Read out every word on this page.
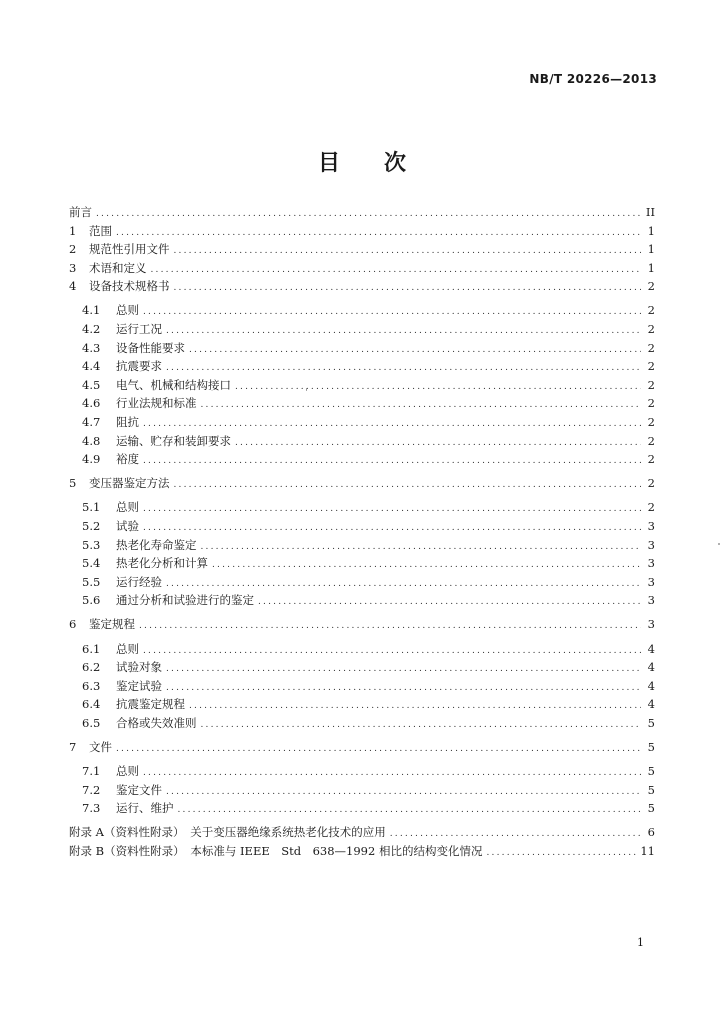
NB/T 20226—2013
目　　次
前言 .....	II
1	范围 .....	1
2	规范性引用文件 .....	1
3	术语和定义 .....	1
4	设备技术规格书 .....	2
4.1	总则 .....	2
4.2	运行工况 .....	2
4.3	设备性能要求 .....	2
4.4	抗震要求 .....	2
4.5	电气、机械和结构接口 .....	2
4.6	行业法规和标准 .....	2
4.7	阻抗 .....	2
4.8	运输、贮存和装卸要求 .....	2
4.9	裕度 .....	2
5	变压器鉴定方法 .....	2
5.1	总则 .....	2
5.2	试验 .....	3
5.3	热老化寿命鉴定 .....	3
5.4	热老化分析和计算 .....	3
5.5	运行经验 .....	3
5.6	通过分析和试验进行的鉴定 .....	3
6	鉴定规程 .....	3
6.1	总则 .....	4
6.2	试验对象 .....	4
6.3	鉴定试验 .....	4
6.4	抗震鉴定规程 .....	4
6.5	合格或失效准则 .....	5
7	文件 .....	5
7.1	总则 .....	5
7.2	鉴定文件 .....	5
7.3	运行、维护 .....	5
附录 A（资料性附录）　关于变压器绝缘系统热老化技术的应用 .....	6
附录 B（资料性附录）　本标准与 IEEE　Std　638—1992 相比的结构变化情况 .....	11
1
